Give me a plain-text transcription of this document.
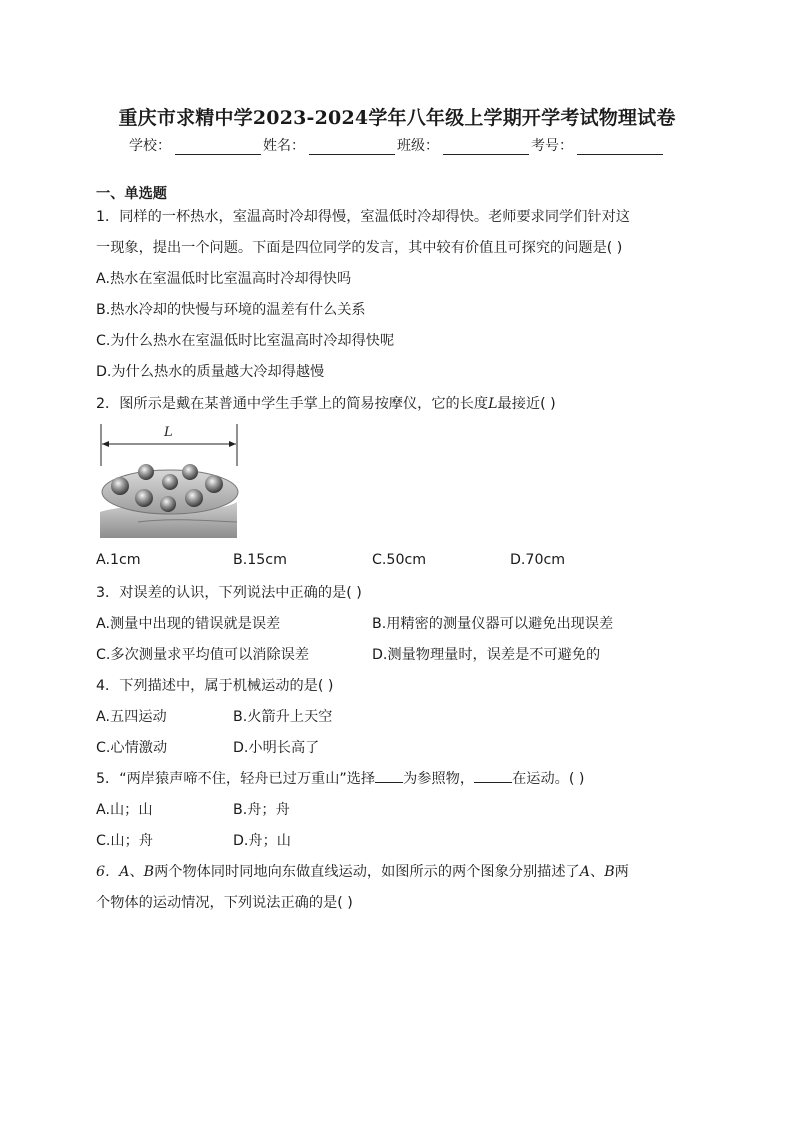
重庆市求精中学2023-2024学年八年级上学期开学考试物理试卷
学校：	姓名：	班级：	考号：
一、单选题
1．同样的一杯热水，室温高时冷却得慢，室温低时冷却得快。老师要求同学们针对这
一现象，提出一个问题。下面是四位同学的发言，其中较有价值且可探究的问题是( )
A.热水在室温低时比室温高时冷却得快吗
B.热水冷却的快慢与环境的温差有什么关系
C.为什么热水在室温低时比室温高时冷却得快呢
D.为什么热水的质量越大冷却得越慢
2．图所示是戴在某普通中学生手掌上的简易按摩仪，它的长度L最接近( )
L
A.1cm	B.15cm	C.50cm	D.70cm
3．对误差的认识，下列说法中正确的是( )
A.测量中出现的错误就是误差	B.用精密的测量仪器可以避免出现误差
C.多次测量求平均值可以消除误差	D.测量物理量时，误差是不可避免的
4．下列描述中，属于机械运动的是( )
A.五四运动	B.火箭升上天空
C.心情激动	D.小明长高了
5．“两岸猿声啼不住，轻舟已过万重山”选择 为参照物，	在运动。( )
A.山；山	B.舟；舟
C.山；舟	D.舟；山
6．A、B两个物体同时同地向东做直线运动，如图所示的两个图象分别描述了A、B两
个物体的运动情况，下列说法正确的是( )
